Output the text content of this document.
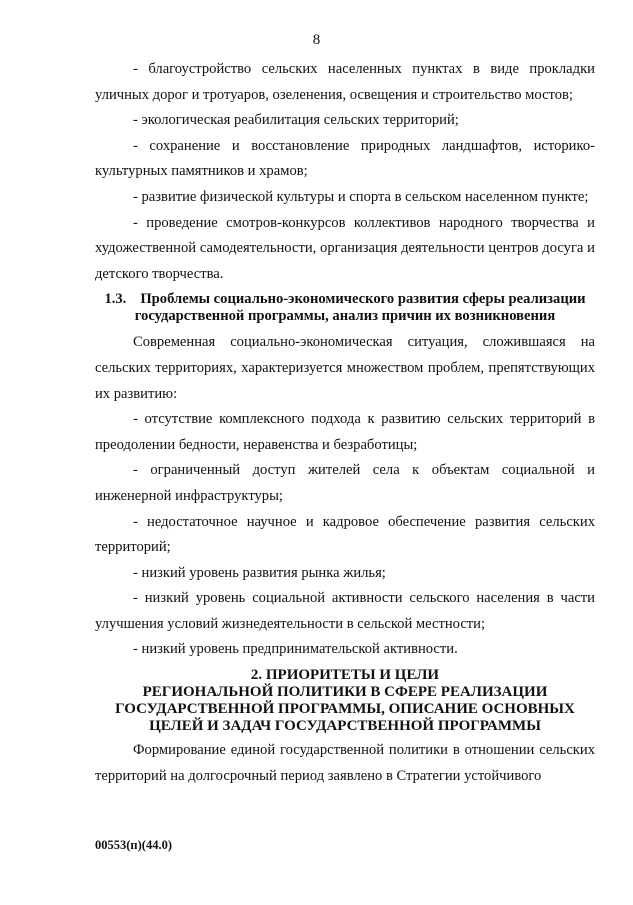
8

- благоустройство сельских населенных пунктах в виде прокладки уличных дорог и тротуаров, озеленения, освещения и строительство мостов;

- экологическая реабилитация сельских территорий;

- сохранение и восстановление природных ландшафтов, историко-культурных памятников и храмов;

- развитие физической культуры и спорта в сельском населенном пункте;

- проведение смотров-конкурсов коллективов народного творчества и художественной самодеятельности, организация деятельности центров досуга и детского творчества.

1.3. Проблемы социально-экономического развития сферы реализации государственной программы, анализ причин их возникновения

Современная социально-экономическая ситуация, сложившаяся на сельских территориях, характеризуется множеством проблем, препятствующих их развитию:

- отсутствие комплексного подхода к развитию сельских территорий в преодолении бедности, неравенства и безработицы;

- ограниченный доступ жителей села к объектам социальной и инженерной инфраструктуры;

- недостаточное научное и кадровое обеспечение развития сельских территорий;

- низкий уровень развития рынка жилья;

- низкий уровень социальной активности сельского населения в части улучшения условий жизнедеятельности в сельской местности;

- низкий уровень предпринимательской активности.

2. ПРИОРИТЕТЫ И ЦЕЛИ
РЕГИОНАЛЬНОЙ ПОЛИТИКИ В СФЕРЕ РЕАЛИЗАЦИИ
ГОСУДАРСТВЕННОЙ ПРОГРАММЫ, ОПИСАНИЕ ОСНОВНЫХ
ЦЕЛЕЙ И ЗАДАЧ ГОСУДАРСТВЕННОЙ ПРОГРАММЫ

Формирование единой государственной политики в отношении сельских территорий на долгосрочный период заявлено в Стратегии устойчивого

00553(п)(44.0)
